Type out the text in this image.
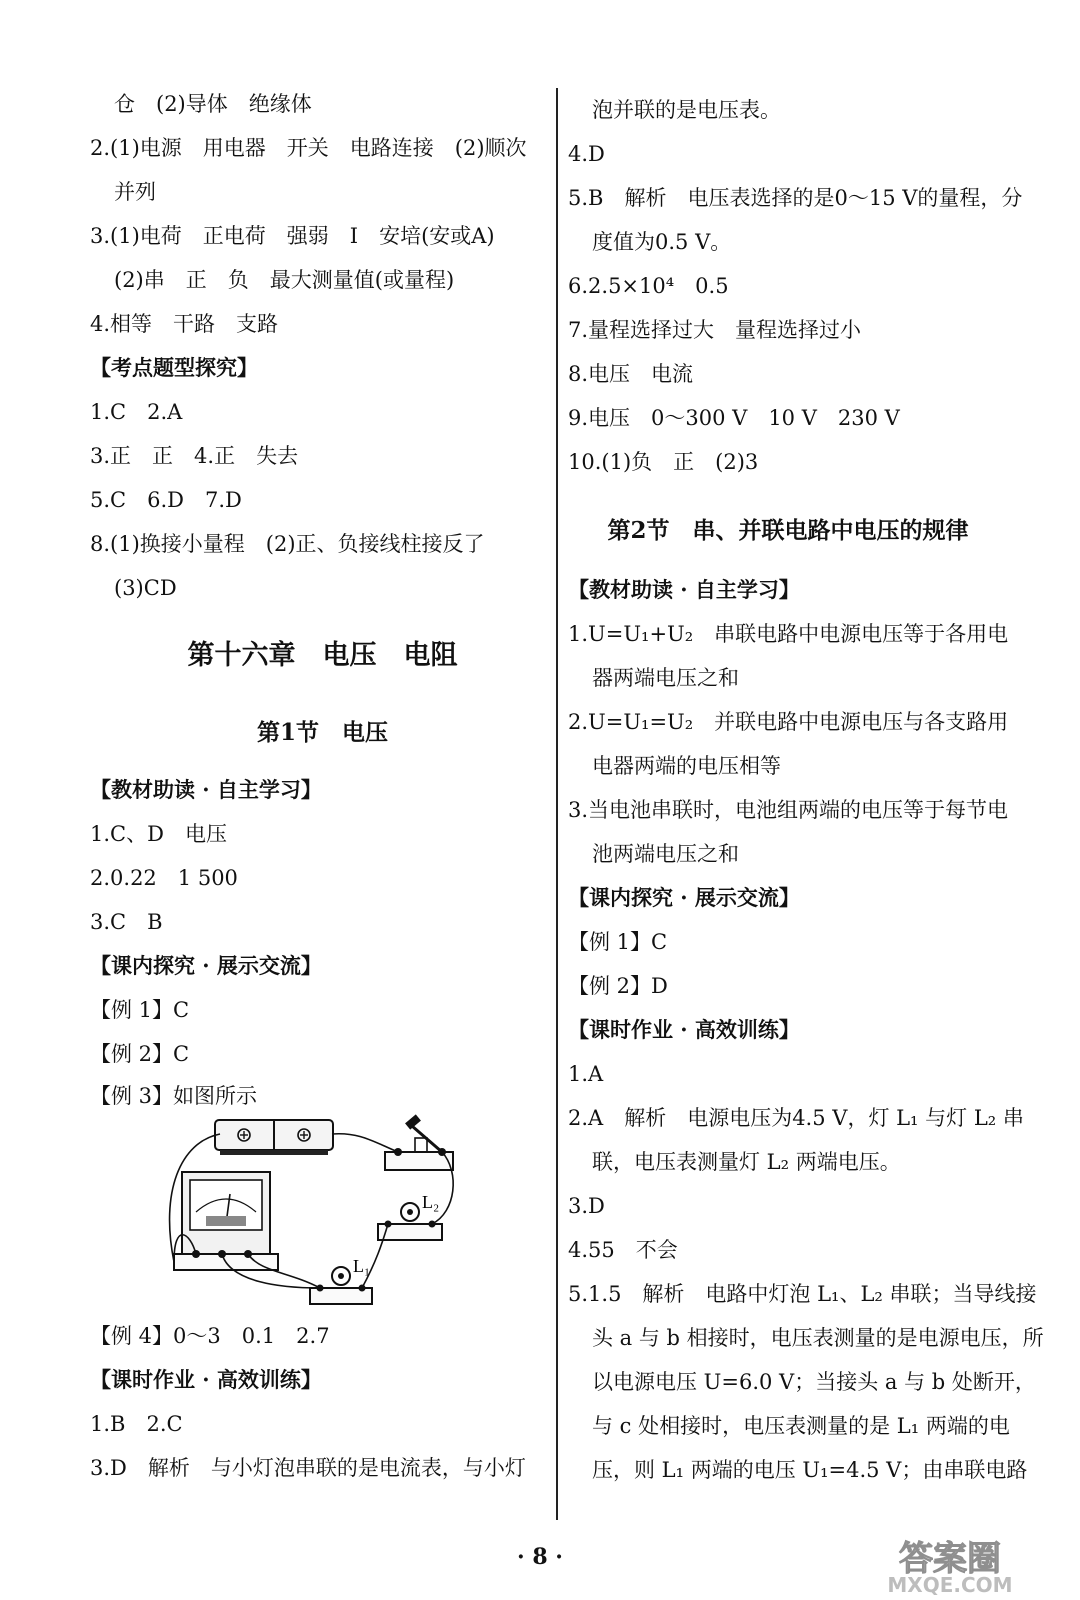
仓　(2)导体　绝缘体
2.(1)电源　用电器　开关　电路连接　(2)顺次
并列
3.(1)电荷　正电荷　强弱　I　安培(安或A)
(2)串　正　负　最大测量值(或量程)
4.相等　干路　支路
【考点题型探究】
1.C　2.A
3.正　正　4.正　失去
5.C　6.D　7.D
8.(1)换接小量程　(2)正、负接线柱接反了
(3)CD
第十六章　电压　电阻
第1节　电压
【教材助读 · 自主学习】
1.C、D　电压
2.0.22　1 500
3.C　B
【课内探究 · 展示交流】
【例 1】C
【例 2】C
【例 3】如图所示
L₂
L₁
【例 4】0～3　0.1　2.7
【课时作业 · 高效训练】
1.B　2.C
3.D　解析　与小灯泡串联的是电流表，与小灯
泡并联的是电压表。
4.D
5.B　解析　电压表选择的是0～15 V的量程，分
度值为0.5 V。
6.2.5×10⁴　0.5
7.量程选择过大　量程选择过小
8.电压　电流
9.电压　0～300 V　10 V　230 V
10.(1)负　正　(2)3
第2节　串、并联电路中电压的规律
【教材助读 · 自主学习】
1.U=U₁+U₂　串联电路中电源电压等于各用电
器两端电压之和
2.U=U₁=U₂　并联电路中电源电压与各支路用
电器两端的电压相等
3.当电池串联时，电池组两端的电压等于每节电
池两端电压之和
【课内探究 · 展示交流】
【例 1】C
【例 2】D
【课时作业 · 高效训练】
1.A
2.A　解析　电源电压为4.5 V，灯 L₁ 与灯 L₂ 串
联，电压表测量灯 L₂ 两端电压。
3.D
4.55　不会
5.1.5　解析　电路中灯泡 L₁、L₂ 串联；当导线接
头 a 与 b 相接时，电压表测量的是电源电压，所
以电源电压 U=6.0 V；当接头 a 与 b 处断开，
与 c 处相接时，电压表测量的是 L₁ 两端的电
压，则 L₁ 两端的电压 U₁=4.5 V；由串联电路
· 8 ·	答案圈
MXQE.COM
